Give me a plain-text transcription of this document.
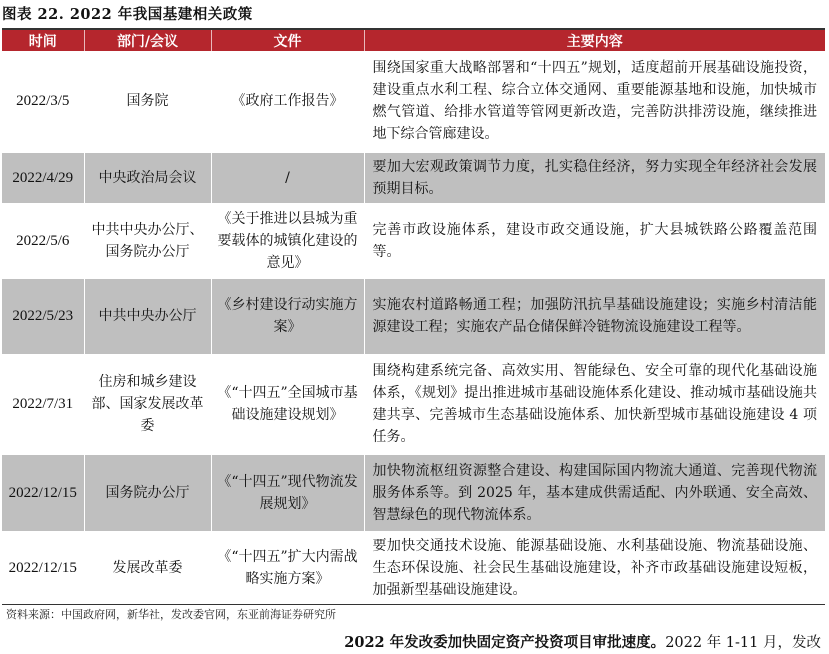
图表 22. 2022 年我国基建相关政策
时间	部门/会议	文件	主要内容
2022/3/5	国务院	《政府工作报告》	围绕国家重大战略部署和“十四五”规划，适度超前开展基础设施投资，建设重点水利工程、综合立体交通网、重要能源基地和设施，加快城市燃气管道、给排水管道等管网更新改造，完善防洪排涝设施，继续推进地下综合管廊建设。
2022/4/29	中央政治局会议	/	要加大宏观政策调节力度，扎实稳住经济，努力实现全年经济社会发展预期目标。
2022/5/6	中共中央办公厅、国务院办公厅	《关于推进以县城为重要载体的城镇化建设的意见》	完善市政设施体系，建设市政交通设施，扩大县城铁路公路覆盖范围等。
2022/5/23	中共中央办公厅	《乡村建设行动实施方案》	实施农村道路畅通工程；加强防汛抗旱基础设施建设；实施乡村清洁能源建设工程；实施农产品仓储保鲜冷链物流设施建设工程等。
2022/7/31	住房和城乡建设部、国家发展改革委	《“十四五”全国城市基础设施建设规划》	围绕构建系统完备、高效实用、智能绿色、安全可靠的现代化基础设施体系，《规划》提出推进城市基础设施体系化建设、推动城市基础设施共建共享、完善城市生态基础设施体系、加快新型城市基础设施建设 4 项任务。
2022/12/15	国务院办公厅	《“十四五”现代物流发展规划》	加快物流枢纽资源整合建设、构建国际国内物流大通道、完善现代物流服务体系等。到 2025 年，基本建成供需适配、内外联通、安全高效、智慧绿色的现代物流体系。
2022/12/15	发展改革委	《“十四五”扩大内需战略实施方案》	要加快交通技术设施、能源基础设施、水利基础设施、物流基础设施、生态环保设施、社会民生基础设施建设，补齐市政基础设施建设短板，加强新型基础设施建设。
资料来源：中国政府网，新华社，发改委官网，东亚前海证券研究所
2022 年发改委加快固定资产投资项目审批速度。2022 年 1-11 月，发改
